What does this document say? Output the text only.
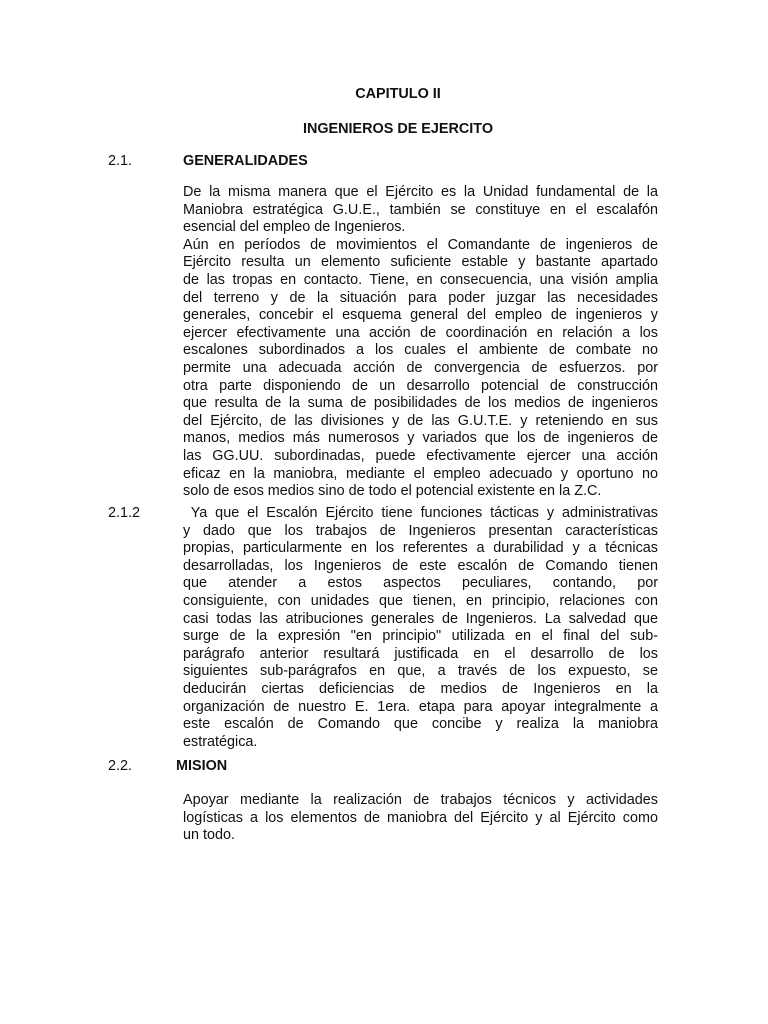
CAPITULO II
INGENIEROS DE EJERCITO
2.1.	GENERALIDADES
De la misma manera que el Ejército es la Unidad fundamental de la
Maniobra estratégica G.U.E., también se constituye en el escalafón
esencial del empleo de Ingenieros.
Aún en períodos de movimientos el Comandante de ingenieros de
Ejército resulta un elemento suficiente estable y bastante apartado
de las tropas en contacto. Tiene, en consecuencia, una visión amplia
del terreno y de la situación para poder juzgar las necesidades
generales, concebir el esquema general del empleo de ingenieros y
ejercer efectivamente una acción de coordinación en relación a los
escalones subordinados a los cuales el ambiente de combate no
permite una adecuada acción de convergencia de esfuerzos. por
otra parte disponiendo de un desarrollo potencial de construcción
que resulta de la suma de posibilidades de los medios de ingenieros
del Ejército, de las divisiones y de las G.U.T.E. y reteniendo en sus
manos, medios más numerosos y variados que los de ingenieros de
las GG.UU. subordinadas, puede efectivamente ejercer una acción
eficaz en la maniobra, mediante el empleo adecuado y oportuno no
solo de esos medios sino de todo el potencial existente en la Z.C.
2.1.2	Ya que el Escalón Ejército tiene funciones tácticas y administrativas
y dado que los trabajos de Ingenieros presentan características
propias, particularmente en los referentes a durabilidad y a técnicas
desarrolladas, los Ingenieros de este escalón de Comando tienen
que atender a estos aspectos peculiares, contando, por
consiguiente, con unidades que tienen, en principio, relaciones con
casi todas las atribuciones generales de Ingenieros. La salvedad que
surge de la expresión "en principio" utilizada en el final del sub-
parágrafo anterior resultará justificada en el desarrollo de los
siguientes sub-parágrafos en que, a través de los expuesto, se
deducirán ciertas deficiencias de medios de Ingenieros en la
organización de nuestro E. 1era. etapa para apoyar integralmente a
este escalón de Comando que concibe y realiza la maniobra
estratégica.
2.2.	MISION
Apoyar mediante la realización de trabajos técnicos y actividades
logísticas a los elementos de maniobra del Ejército y al Ejército como
un todo.
